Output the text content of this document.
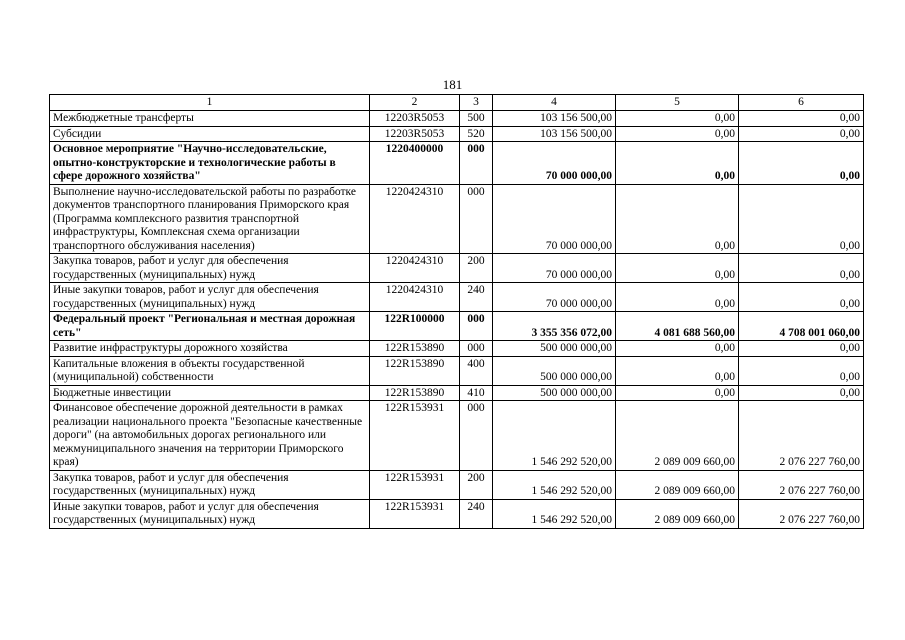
181
1	2	3	4	5	6
Межбюджетные трансферты	12203R5053	500	103 156 500,00	0,00	0,00
Субсидии	12203R5053	520	103 156 500,00	0,00	0,00
Основное мероприятие "Научно-исследовательские, опытно-конструкторские и технологические работы в сфере дорожного хозяйства"	1220400000	000	70 000 000,00	0,00	0,00
Выполнение научно-исследовательской работы по разработке документов транспортного планирования Приморского края (Программа комплексного развития транспортной инфраструктуры, Комплексная схема организации транспортного обслуживания населения)	1220424310	000	70 000 000,00	0,00	0,00
Закупка товаров, работ и услуг для обеспечения государственных (муниципальных) нужд	1220424310	200	70 000 000,00	0,00	0,00
Иные закупки товаров, работ и услуг для обеспечения государственных (муниципальных) нужд	1220424310	240	70 000 000,00	0,00	0,00
Федеральный проект "Региональная и местная дорожная сеть"	122R100000	000	3 355 356 072,00	4 081 688 560,00	4 708 001 060,00
Развитие инфраструктуры дорожного хозяйства	122R153890	000	500 000 000,00	0,00	0,00
Капитальные вложения в объекты государственной (муниципальной) собственности	122R153890	400	500 000 000,00	0,00	0,00
Бюджетные инвестиции	122R153890	410	500 000 000,00	0,00	0,00
Финансовое обеспечение дорожной деятельности в рамках реализации национального проекта "Безопасные качественные дороги" (на автомобильных дорогах регионального или межмуниципального значения на территории Приморского края)	122R153931	000	1 546 292 520,00	2 089 009 660,00	2 076 227 760,00
Закупка товаров, работ и услуг для обеспечения государственных (муниципальных) нужд	122R153931	200	1 546 292 520,00	2 089 009 660,00	2 076 227 760,00
Иные закупки товаров, работ и услуг для обеспечения государственных (муниципальных) нужд	122R153931	240	1 546 292 520,00	2 089 009 660,00	2 076 227 760,00
